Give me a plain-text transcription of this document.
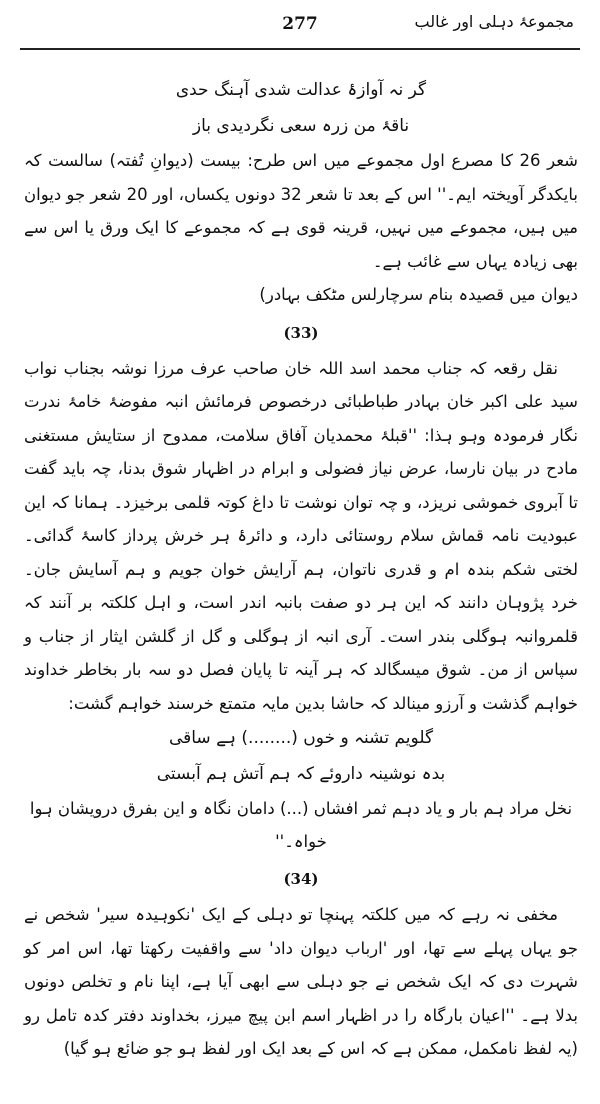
277	مجموعۂ دہلی اور غالب

گر نہ آوازۂ عدالت شدی آہنگ حدی

ناقۂ من زرہ سعی نگردیدی باز

شعر 26 کا مصرع اول مجموعے میں اس طرح: بیست (دیوانِ تُفتہ) سالست کہ بایکدگر آویختہ ایم۔'' اس کے بعد تا شعر 32 دونوں یکساں، اور 20 شعر جو دیوان میں ہیں، مجموعے میں نہیں، قرینہ قوی ہے کہ مجموعے کا ایک ورق یا اس سے بھی زیادہ یہاں سے غائب ہے۔

دیوان میں قصیدہ بنام سرچارلس مٹکف بہادر)

(33)

نقل رقعہ کہ جناب محمد اسد اللہ خان صاحب عرف مرزا نوشہ بجناب نواب سید علی اکبر خان بہادر طباطبائی درخصوص فرمائش انبہ مفوضۂ خامۂ ندرت نگار فرمودہ وہو ہذا: ''قبلۂ محمدیان آفاق سلامت، ممدوح از ستایش مستغنی مادح در بیان نارسا، عرض نیاز فضولی و ابرام در اظہار شوق بدنا، چہ باید گفت تا آبروی خموشی نریزد، و چہ توان نوشت تا داغ کوتہ قلمی برخیزد۔ ہمانا کہ این عبودیت نامہ قماش سلام روستائی دارد، و دائرۂ ہر خرش پرداز کاسۂ گدائی۔ لختی شکم بندہ ام و قدری ناتوان، ہم آرایش خوان جویم و ہم آسایش جان۔ خرد پژوہان دانند کہ این ہر دو صفت بانبہ اندر است، و اہل کلکتہ بر آنند کہ قلمروانبہ ہوگلی بندر است۔ آری انبہ از ہوگلی و گل از گلشن ایثار از جناب و سپاس از من۔ شوق میسگالد کہ ہر آینہ تا پایان فصل دو سہ بار بخاطر خداوند خواہم گذشت و آرزو مینالد کہ حاشا بدین مایہ متمتع خرسند خواہم گشت:

گلویم تشنہ و خوں (........) ہے ساقی

بدہ نوشینہ داروئے کہ ہم آتش ہم آبستی

نخل مراد ہم بار و یاد دہم ثمر افشاں (...) دامان نگاہ و این بفرق درویشان ہوا خواہ۔''

(34)

مخفی نہ رہے کہ میں کلکتہ پہنچا تو دہلی کے ایک 'نکوہیدہ سیر' شخص نے جو یہاں پہلے سے تھا، اور 'ارباب دیوان داد' سے واقفیت رکھتا تھا، اس امر کو شہرت دی کہ ایک شخص نے جو دہلی سے ابھی آیا ہے، اپنا نام و تخلص دونوں بدلا ہے۔ ''اعیان بارگاہ را در اظہار اسم ابن پیچ میرز، بخداوند دفتر کدہ تامل رو (یہ لفظ نامکمل، ممکن ہے کہ اس کے بعد ایک اور لفظ ہو جو ضائع ہو گیا)
